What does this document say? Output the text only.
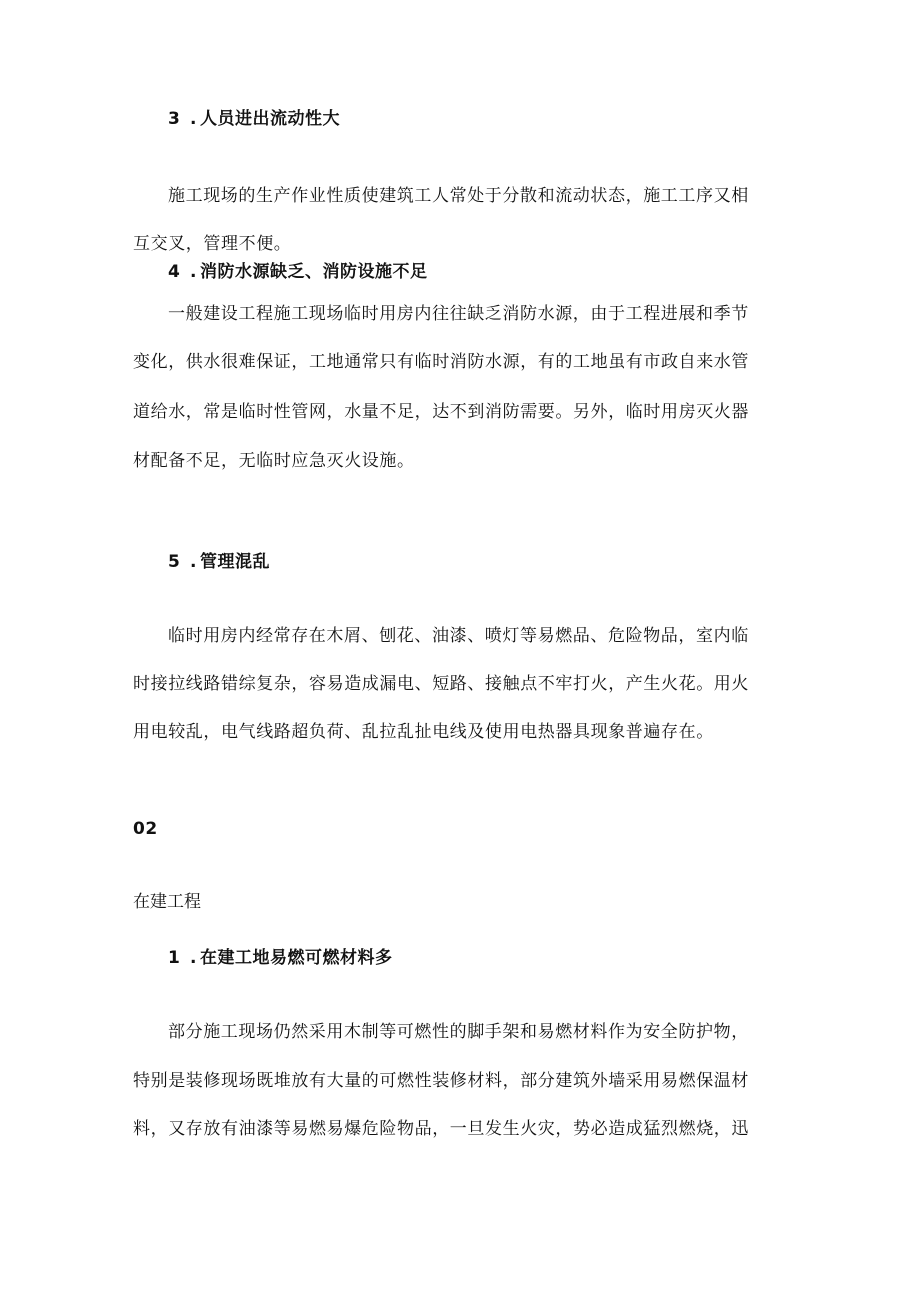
3 . 人员进出流动性大
施工现场的生产作业性质使建筑工人常处于分散和流动状态，施工工序又相
互交叉，管理不便。
4 . 消防水源缺乏、消防设施不足
一般建设工程施工现场临时用房内往往缺乏消防水源，由于工程进展和季节
变化，供水很难保证，工地通常只有临时消防水源，有的工地虽有市政自来水管
道给水，常是临时性管网，水量不足，达不到消防需要。另外，临时用房灭火器
材配备不足，无临时应急灭火设施。
5 . 管理混乱
临时用房内经常存在木屑、刨花、油漆、喷灯等易燃品、危险物品，室内临
时接拉线路错综复杂，容易造成漏电、短路、接触点不牢打火，产生火花。用火
用电较乱，电气线路超负荷、乱拉乱扯电线及使用电热器具现象普遍存在。
02
在建工程
1 . 在建工地易燃可燃材料多
部分施工现场仍然采用木制等可燃性的脚手架和易燃材料作为安全防护物，
特别是装修现场既堆放有大量的可燃性装修材料，部分建筑外墙采用易燃保温材
料，又存放有油漆等易燃易爆危险物品，一旦发生火灾，势必造成猛烈燃烧，迅
